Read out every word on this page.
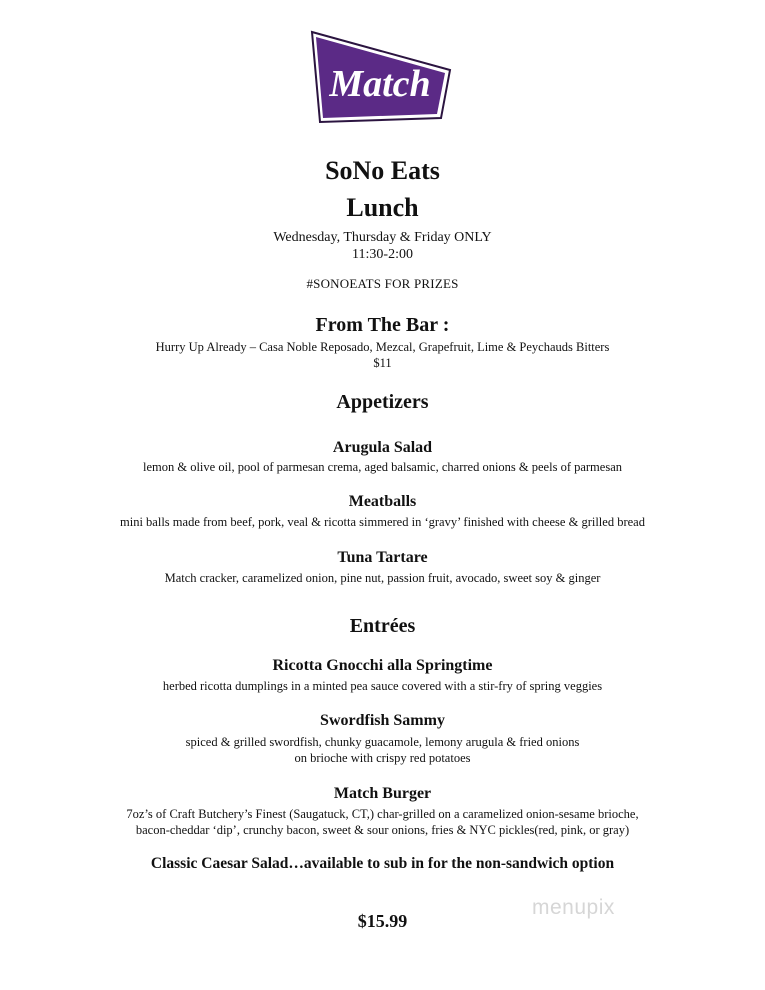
Match
SoNo Eats
Lunch
Wednesday, Thursday & Friday ONLY
11:30-2:00
#SONOEATS FOR PRIZES
From The Bar :
Hurry Up Already – Casa Noble Reposado, Mezcal, Grapefruit, Lime & Peychauds Bitters
$11
Appetizers
Arugula Salad
lemon & olive oil, pool of parmesan crema, aged balsamic, charred onions & peels of parmesan
Meatballs
mini balls made from beef, pork, veal & ricotta simmered in ‘gravy’ finished with cheese & grilled bread
Tuna Tartare
Match cracker, caramelized onion, pine nut, passion fruit, avocado, sweet soy & ginger
Entrées
Ricotta Gnocchi alla Springtime
herbed ricotta dumplings in a minted pea sauce covered with a stir-fry of spring veggies
Swordfish Sammy
spiced & grilled swordfish, chunky guacamole, lemony arugula & fried onions
on brioche with crispy red potatoes
Match Burger
7oz’s of Craft Butchery’s Finest (Saugatuck, CT,) char-grilled on a caramelized onion-sesame brioche,
bacon-cheddar ‘dip’, crunchy bacon, sweet & sour onions, fries & NYC pickles(red, pink, or gray)
Classic Caesar Salad…available to sub in for the non-sandwich option
$15.99
menupix
